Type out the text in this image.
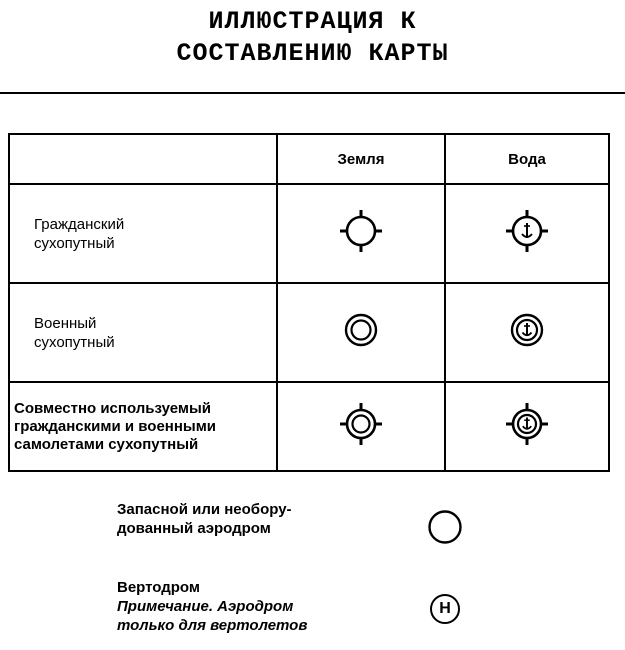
ИЛЛЮСТРАЦИЯ К
СОСТАВЛЕНИЮ КАРТЫ
	Земля	Вода

Гражданский
сухопутный

Военный
сухопутный

Совместно используемый
гражданскими и военными
самолетами сухопутный

Запасной или необору-
дованный аэродром
Вертодром
Примечание. Аэродром
только для вертолетов
H
